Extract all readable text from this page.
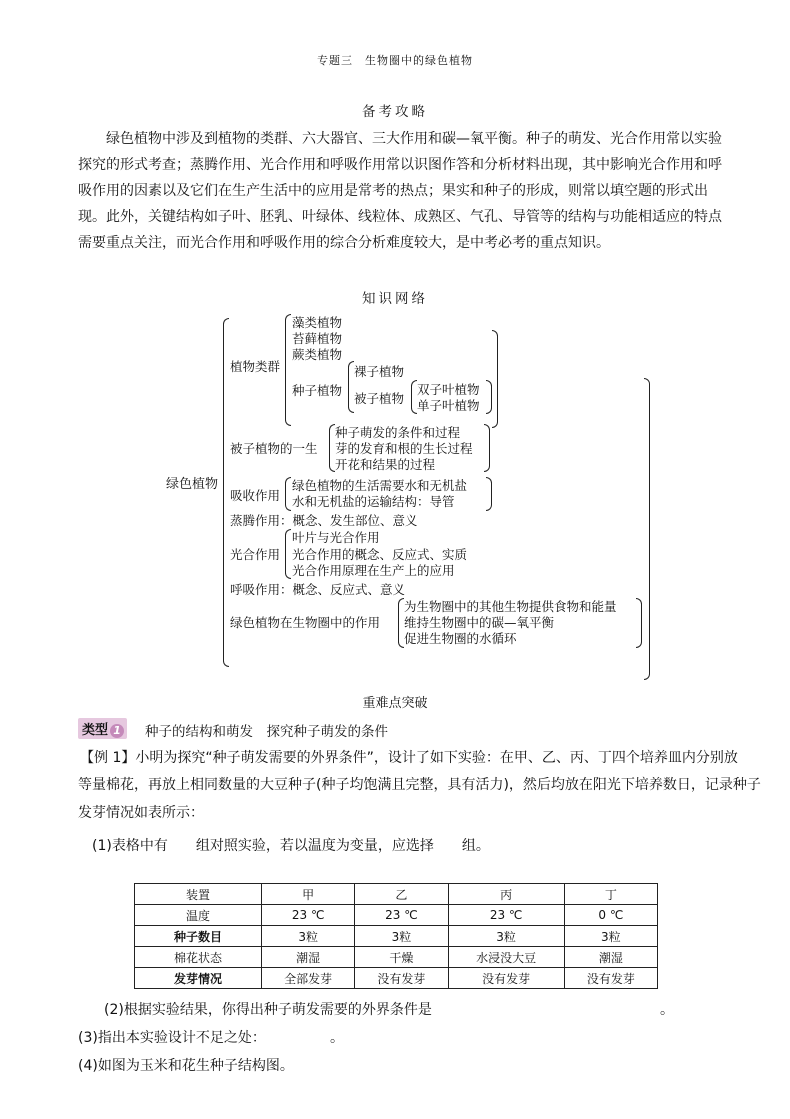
专题三　生物圈中的绿色植物
备考攻略

绿色植物中涉及到植物的类群、六大器官、三大作用和碳—氧平衡。种子的萌发、光合作用常以实验探究的形式考查；蒸腾作用、光合作用和呼吸作用常以识图作答和分析材料出现，其中影响光合作用和呼吸作用的因素以及它们在生产生活中的应用是常考的热点；果实和种子的形成，则常以填空题的形式出现。此外，关键结构如子叶、胚乳、叶绿体、线粒体、成熟区、气孔、导管等的结构与功能相适应的特点需要重点关注，而光合作用和呼吸作用的综合分析难度较大，是中考必考的重点知识。

知识网络
绿色植物
植物类群
藻类植物
苔藓植物
蕨类植物
种子植物
裸子植物
被子植物
双子叶植物
单子叶植物
被子植物的一生
种子萌发的条件和过程
芽的发育和根的生长过程
开花和结果的过程
吸收作用
绿色植物的生活需要水和无机盐
水和无机盐的运输结构：导管
蒸腾作用：概念、发生部位、意义
光合作用
叶片与光合作用
光合作用的概念、反应式、实质
光合作用原理在生产上的应用
呼吸作用：概念、反应式、意义
绿色植物在生物圈中的作用
为生物圈中的其他生物提供食物和能量
维持生物圈中的碳—氧平衡
促进生物圈的水循环
重难点突破
类型 1	种子的结构和萌发　探究种子萌发的条件
【例 1】小明为探究“种子萌发需要的外界条件”，设计了如下实验：在甲、乙、丙、丁四个培养皿内分别放
等量棉花，再放上相同数量的大豆种子(种子均饱满且完整，具有活力)，然后均放在阳光下培养数日，记录种子
发芽情况如表所示：
(1)表格中有　　组对照实验，若以温度为变量，应选择　　组。
装置	甲	乙	丙	丁
温度	23 ℃	23 ℃	23 ℃	0 ℃
种子数目	3粒	3粒	3粒	3粒
棉花状态	潮湿	干燥	水浸没大豆	潮湿
发芽情况	全部发芽	没有发芽	没有发芽	没有发芽
(2)根据实验结果，你得出种子萌发需要的外界条件是	。
(3)指出本实验设计不足之处：	。
(4)如图为玉米和花生种子结构图。
